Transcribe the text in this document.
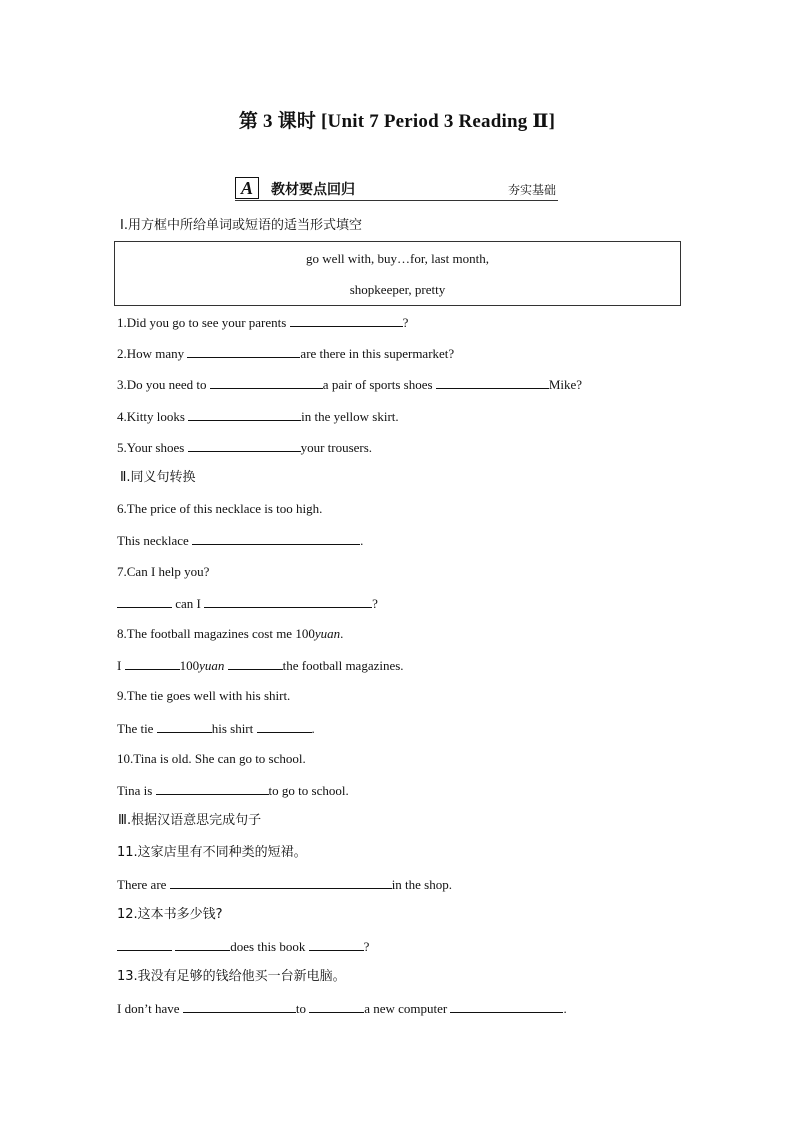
第 3 课时 [Unit 7 Period 3 Reading Ⅱ]
A	教材要点回归	夯实基础
Ⅰ.用方框中所给单词或短语的适当形式填空
go well with, buy…for, last month,
shopkeeper, pretty
1.Did you go to see your parents	?
2.How many	are there in this supermarket?
3.Do you need to	a pair of sports shoes	Mike?
4.Kitty looks	in the yellow skirt.
5.Your shoes	your trousers.
Ⅱ.同义句转换
6.The price of this necklace is too high.
This necklace	.
7.Can I help you?
can I	?
8.The football magazines cost me 100yuan.
I	100yuan	the football magazines.
9.The tie goes well with his shirt.
The tie	his shirt	.
10.Tina is old. She can go to school.
Tina is	to go to school.
Ⅲ.根据汉语意思完成句子
11.这家店里有不同种类的短裙。
There are	in the shop.
12.这本书多少钱?
does this book	?
13.我没有足够的钱给他买一台新电脑。
I don’t have	to	a new computer	.
